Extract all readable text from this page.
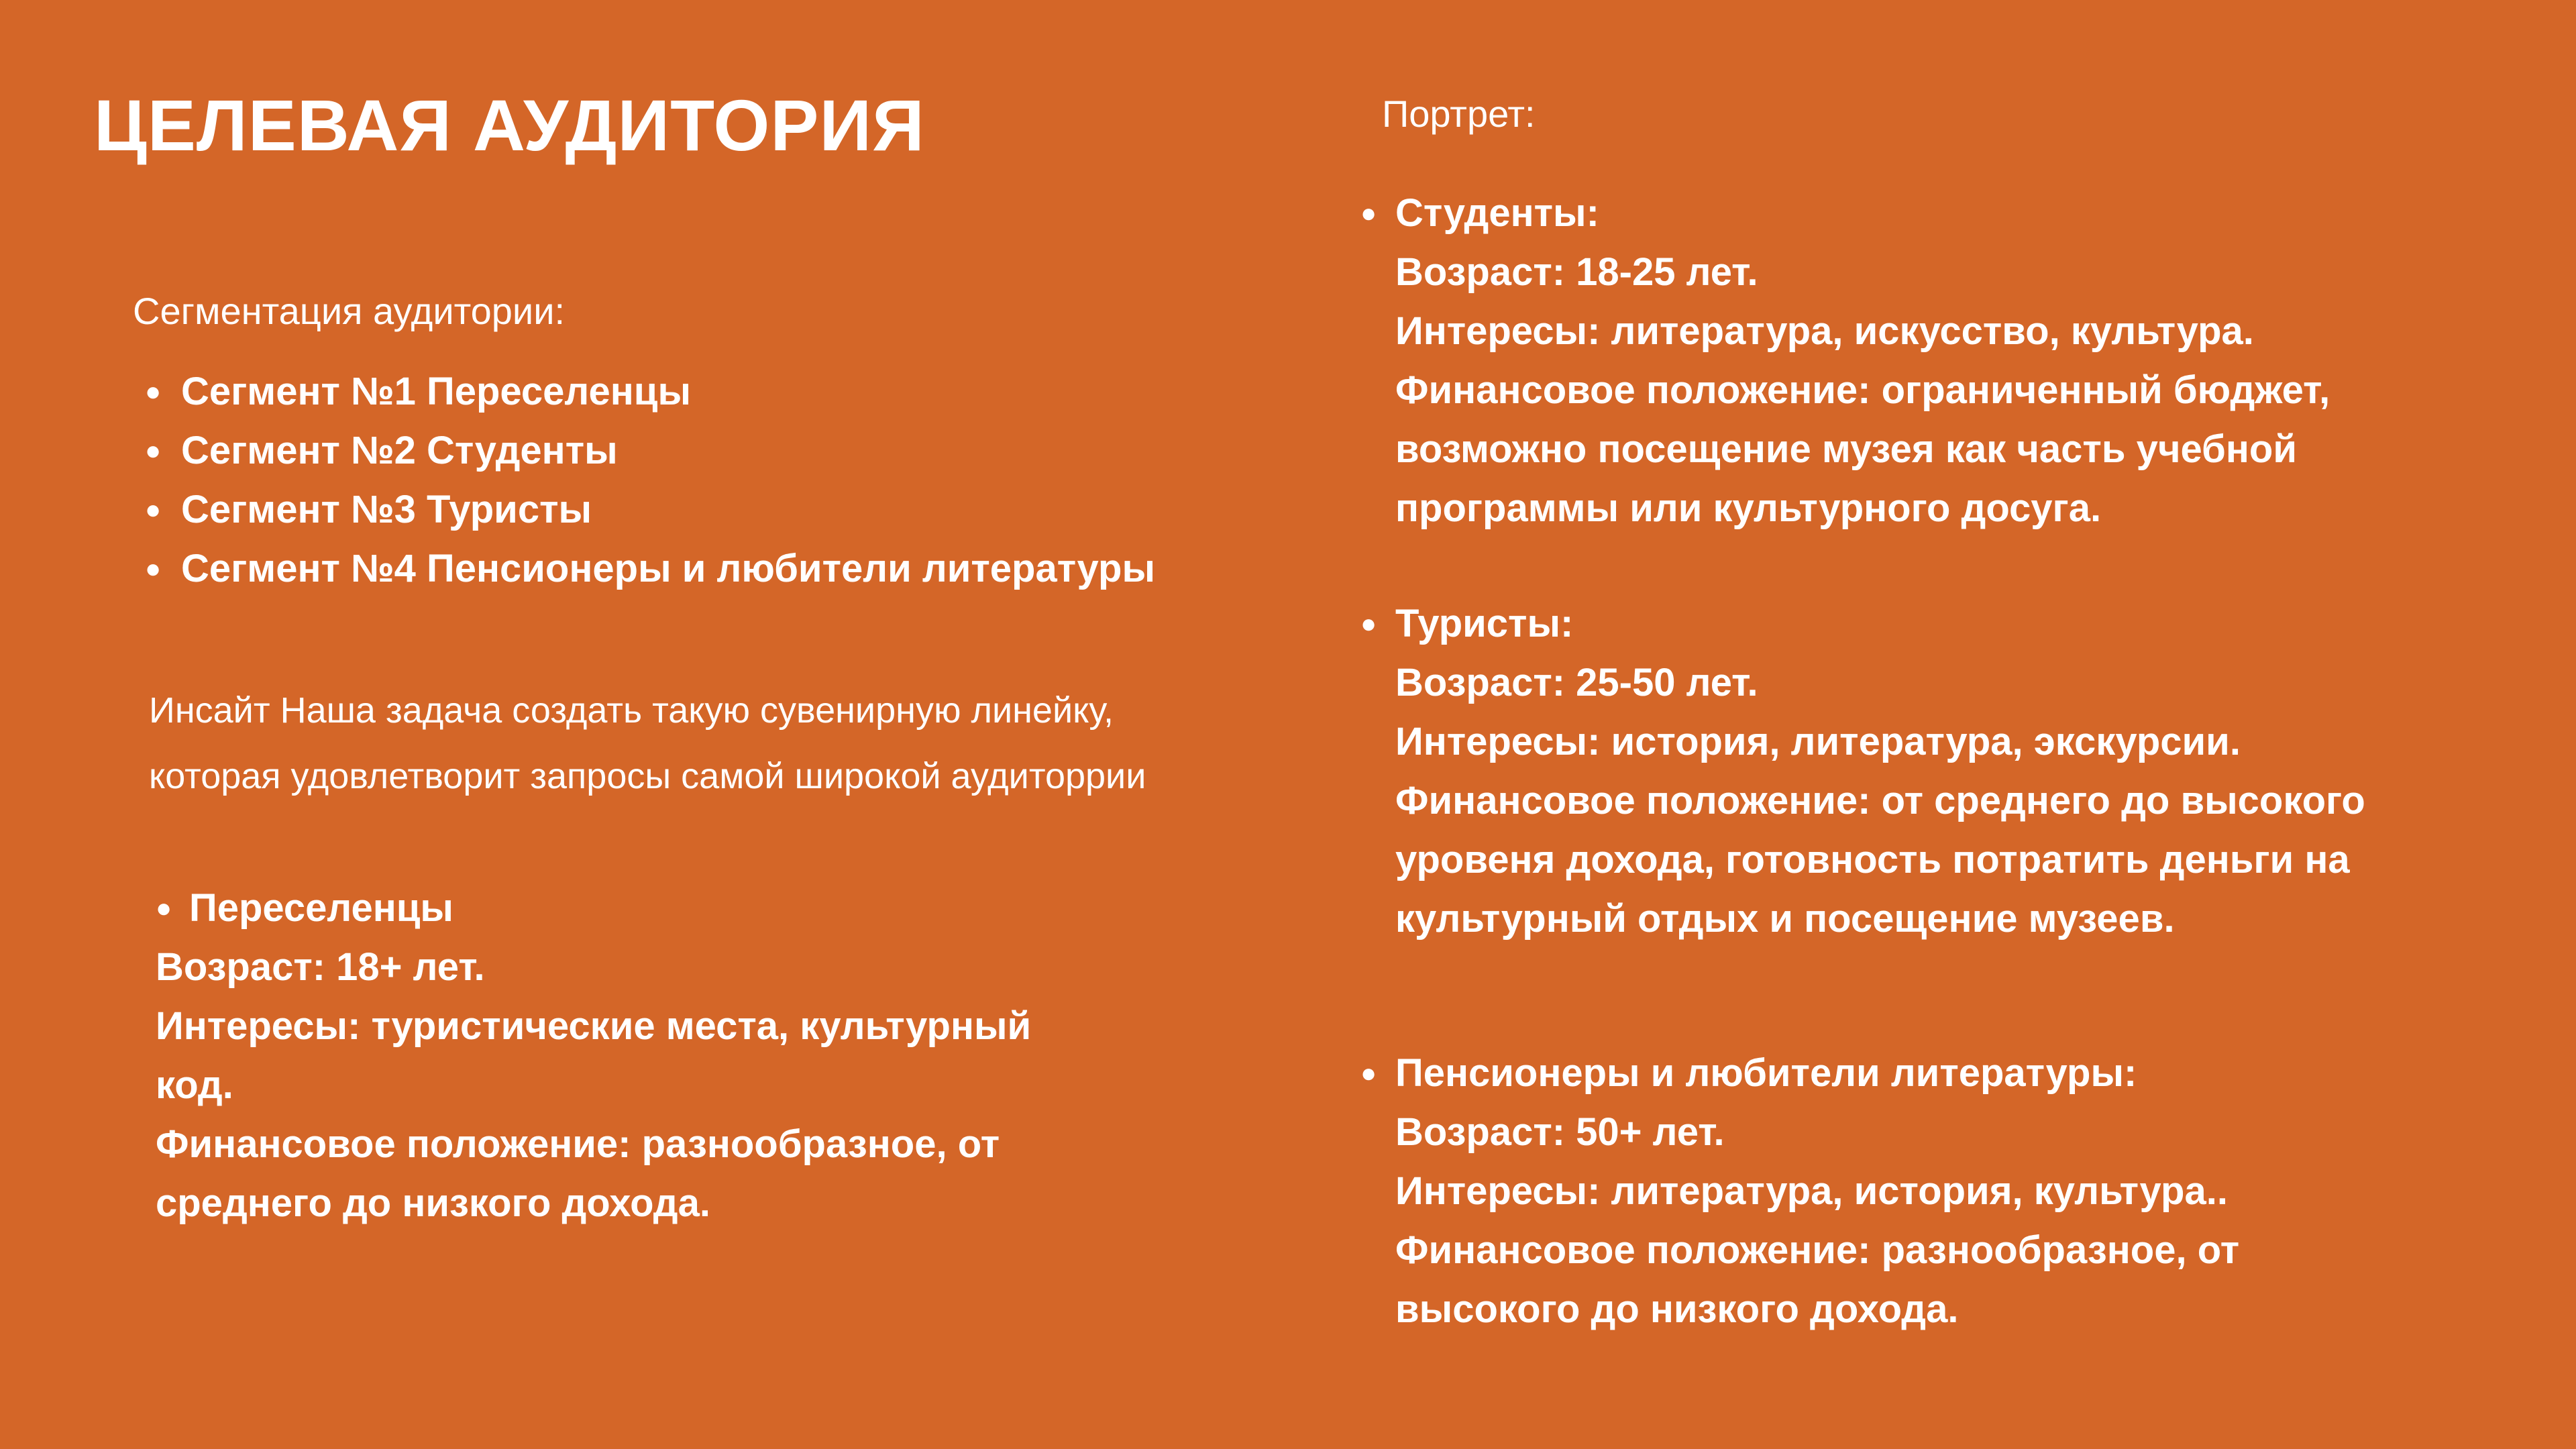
ЦЕЛЕВАЯ АУДИТОРИЯ
Сегментация аудитории:
● Сегмент №1 Переселенцы
● Сегмент №2 Студенты
● Сегмент №3 Туристы
● Сегмент №4 Пенсионеры и любители литературы
Инсайт Наша задача создать такую сувенирную линейку,
которая удовлетворит запросы самой широкой аудиторрии
● Переселенцы
Возраст: 18+ лет.
Интересы: туристические места, культурный
код.
Финансовое положение: разнообразное, от
среднего до низкого дохода.
Портрет:
● Студенты:
Возраст: 18-25 лет.
Интересы: литература, искусство, культура.
Финансовое положение: ограниченный бюджет,
возможно посещение музея как часть учебной
программы или культурного досуга.
● Туристы:
Возраст: 25-50 лет.
Интересы: история, литература, экскурсии.
Финансовое положение: от среднего до высокого
уровеня дохода, готовность потратить деньги на
культурный отдых и посещение музеев.
● Пенсионеры и любители литературы:
Возраст: 50+ лет.
Интересы: литература, история, культура..
Финансовое положение: разнообразное, от
высокого до низкого дохода.
